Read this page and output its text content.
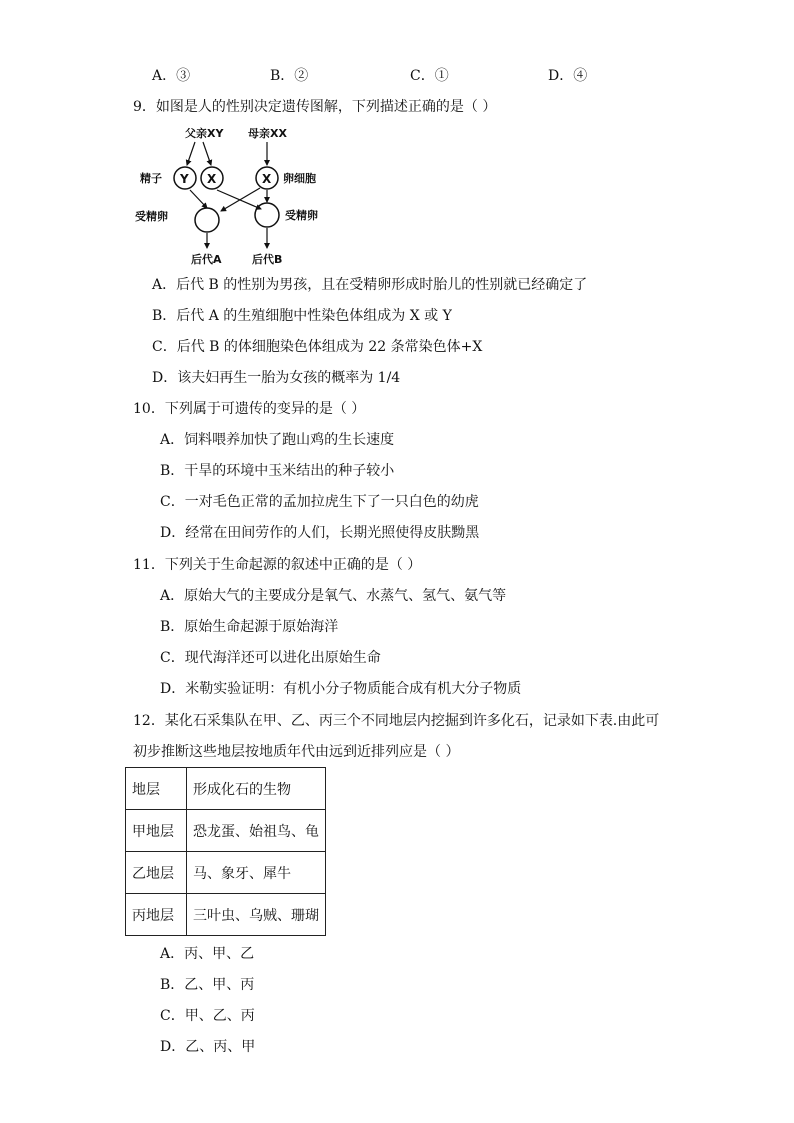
A．③	B．②	C．①	D．④
9．如图是人的性别决定遗传图解，下列描述正确的是（ ）
父亲XY 母亲XX
精子 Y X	X 卵细胞
受精卵	受精卵
后代A	后代B
A．后代 B 的性别为男孩，且在受精卵形成时胎儿的性别就已经确定了
B．后代 A 的生殖细胞中性染色体组成为 X 或 Y
C．后代 B 的体细胞染色体组成为 22 条常染色体+X
D．该夫妇再生一胎为女孩的概率为 1/4
10．下列属于可遗传的变异的是（ ）
A．饲料喂养加快了跑山鸡的生长速度
B．干旱的环境中玉米结出的种子较小
C．一对毛色正常的孟加拉虎生下了一只白色的幼虎
D．经常在田间劳作的人们，长期光照使得皮肤黝黑
11．下列关于生命起源的叙述中正确的是（ ）
A．原始大气的主要成分是氧气、水蒸气、氢气、氨气等
B．原始生命起源于原始海洋
C．现代海洋还可以进化出原始生命
D．米勒实验证明：有机小分子物质能合成有机大分子物质
12．某化石采集队在甲、乙、丙三个不同地层内挖掘到许多化石，记录如下表.由此可
初步推断这些地层按地质年代由远到近排列应是（ ）
地层	形成化石的生物
甲地层	恐龙蛋、始祖鸟、龟
乙地层	马、象牙、犀牛
丙地层	三叶虫、乌贼、珊瑚
A．丙、甲、乙
B．乙、甲、丙
C．甲、乙、丙
D．乙、丙、甲
